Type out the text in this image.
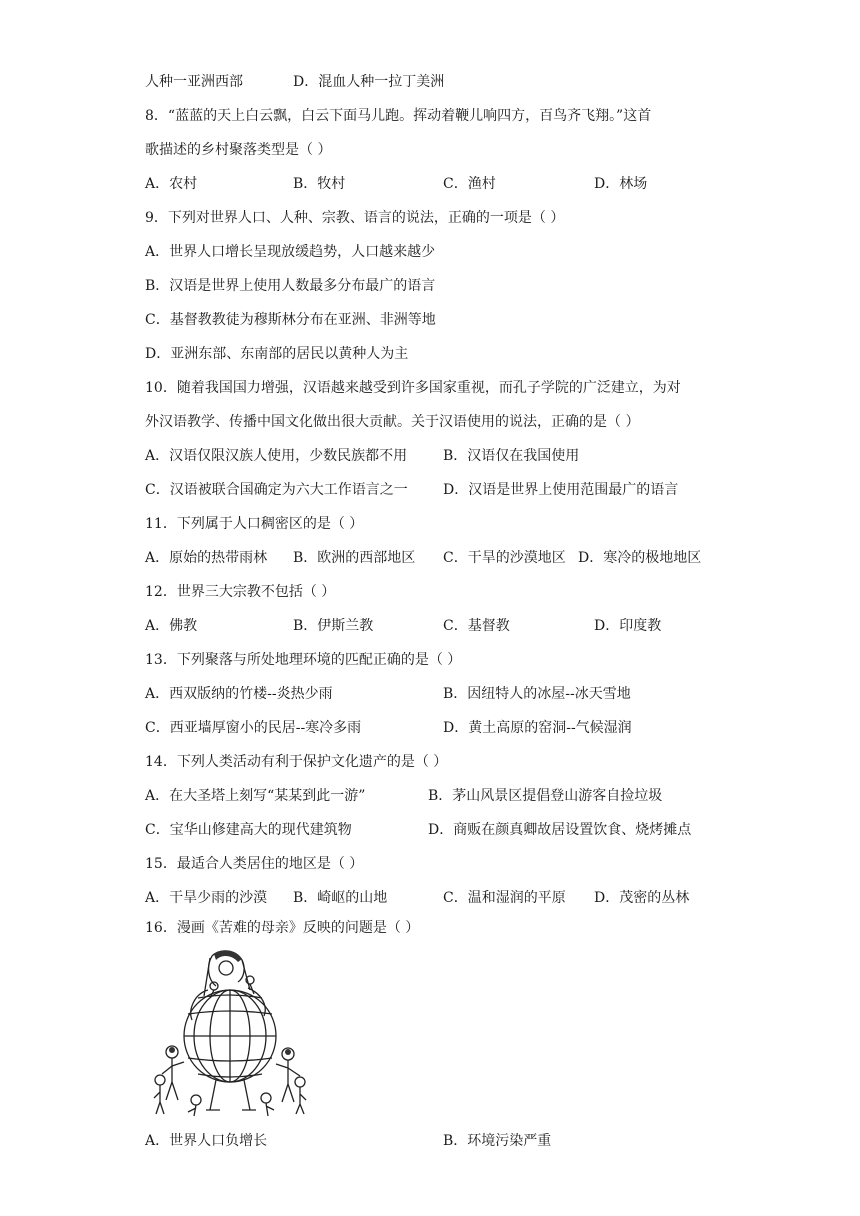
人种一亚洲西部	D．混血人种一拉丁美洲
8．“蓝蓝的天上白云飘，白云下面马儿跑。挥动着鞭儿响四方，百鸟齐飞翔。”这首
歌描述的乡村聚落类型是（ ）
A．农村	B．牧村	C．渔村	D．林场
9．下列对世界人口、人种、宗教、语言的说法，正确的一项是（ ）
A．世界人口增长呈现放缓趋势，人口越来越少
B．汉语是世界上使用人数最多分布最广的语言
C．基督教教徒为穆斯林分布在亚洲、非洲等地
D．亚洲东部、东南部的居民以黄种人为主
10．随着我国国力增强，汉语越来越受到许多国家重视，而孔子学院的广泛建立，为对
外汉语教学、传播中国文化做出很大贡献。关于汉语使用的说法，正确的是（ ）
A．汉语仅限汉族人使用，少数民族都不用	B．汉语仅在我国使用
C．汉语被联合国确定为六大工作语言之一	D．汉语是世界上使用范围最广的语言
11．下列属于人口稠密区的是（ ）
A．原始的热带雨林 B．欧洲的西部地区 C．干旱的沙漠地区 D．寒冷的极地地区
12．世界三大宗教不包括（ ）
A．佛教	B．伊斯兰教	C．基督教	D．印度教
13．下列聚落与所处地理环境的匹配正确的是（ ）
A．西双版纳的竹楼--炎热少雨	B．因纽特人的冰屋--冰天雪地
C．西亚墙厚窗小的民居--寒冷多雨	D．黄土高原的窑洞--气候湿润
14．下列人类活动有利于保护文化遗产的是（ ）
A．在大圣塔上刻写“某某到此一游”	B．茅山风景区提倡登山游客自捡垃圾
C．宝华山修建高大的现代建筑物	D．商贩在颜真卿故居设置饮食、烧烤摊点
15．最适合人类居住的地区是（ ）
A．干旱少雨的沙漠 B．崎岖的山地	C．温和湿润的平原 D．茂密的丛林
16．漫画《苦难的母亲》反映的问题是（ ）
A．世界人口负增长	B．环境污染严重
